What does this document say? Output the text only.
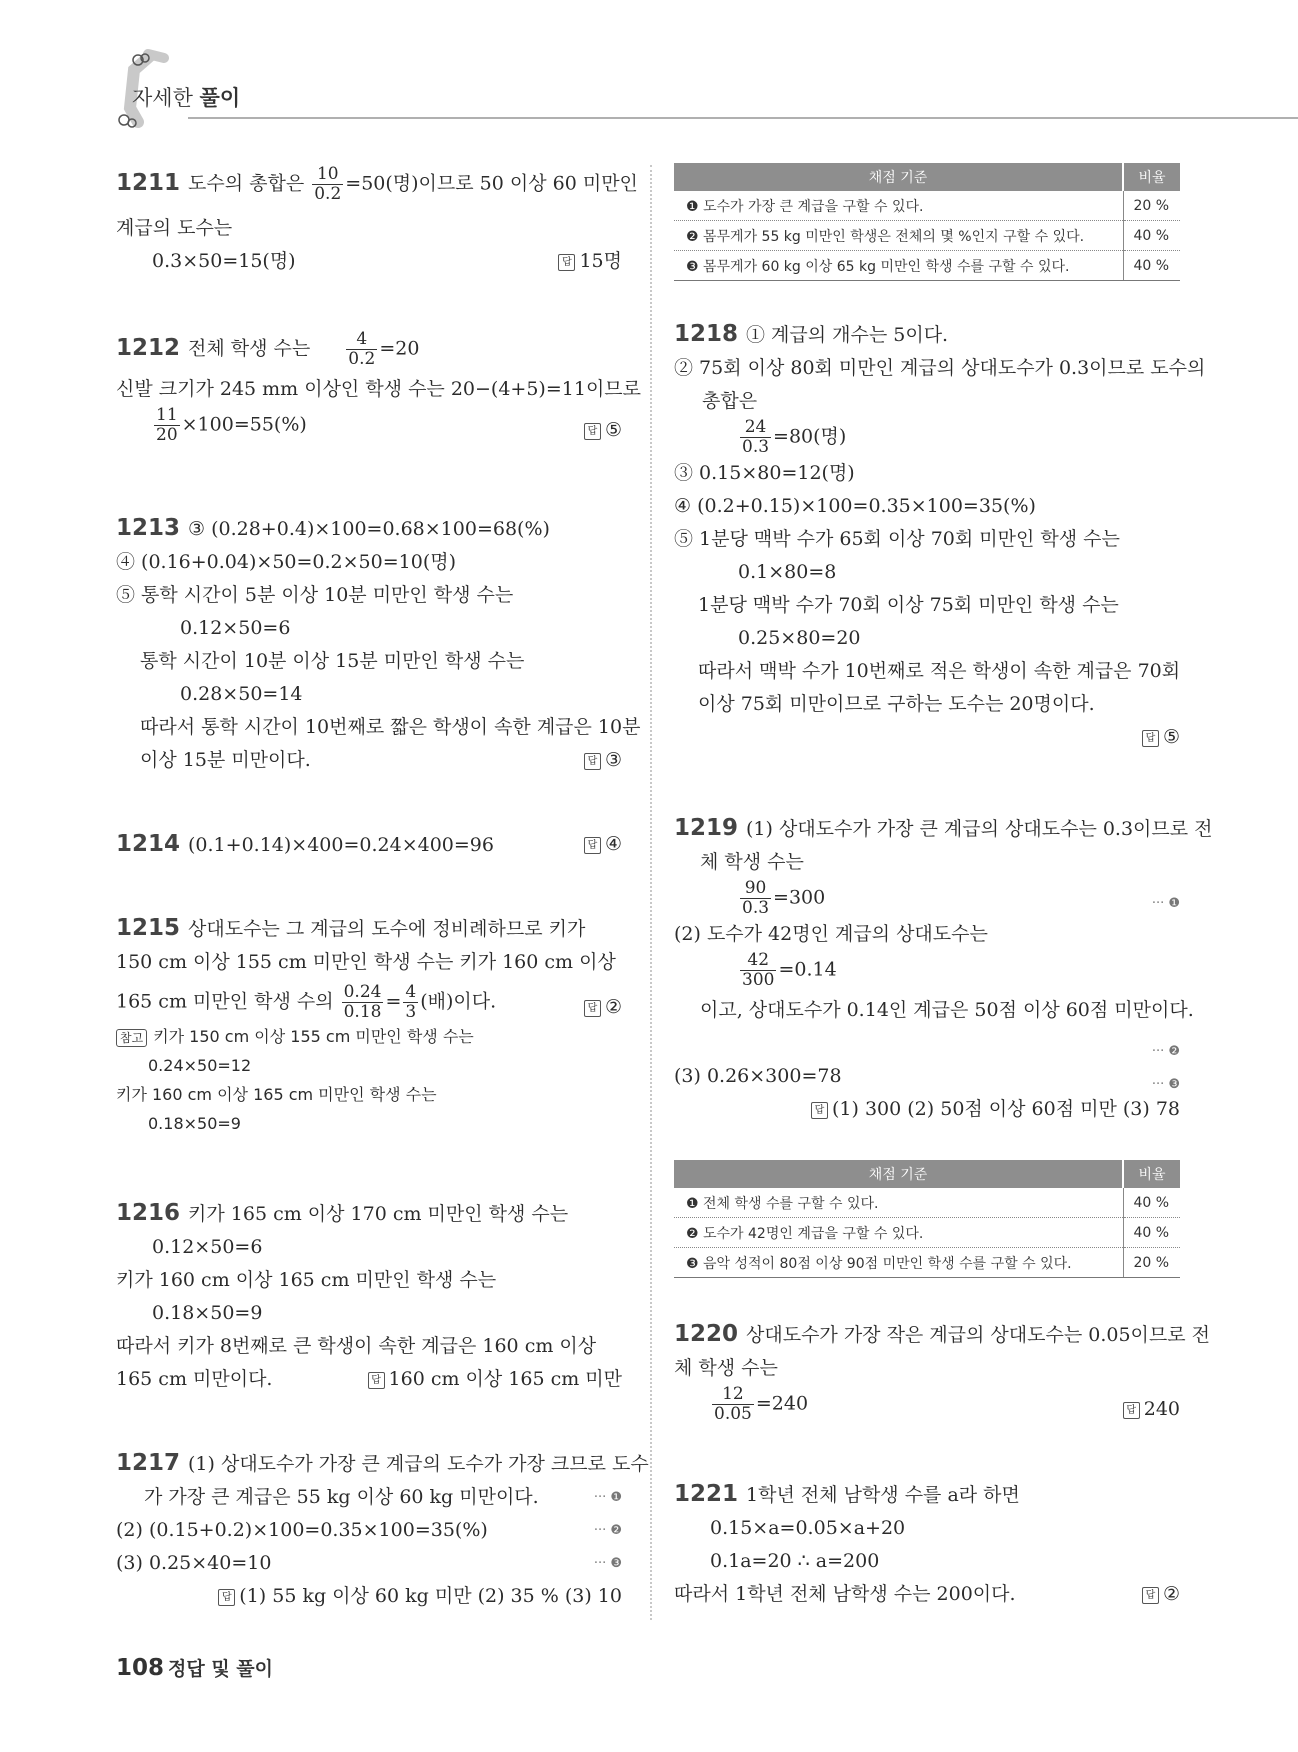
자세한 풀이
1211 도수의 총합은 $\frac{10}{0.2} =50$(명)이므로 50 이상 60 미만인
계급의 도수는
0.3×50=15(명)	답 15명
1212 전체 학생 수는 $\frac{4}{0.2} =20$
신발 크기가 245 mm 이상인 학생 수는 20−(4+5)=11이므로
$\frac{11}{20} \times 100=55(\%)$	답 ⑤
1213 ③ (0.28+0.4)×100=0.68×100=68(%)
④ (0.16+0.04)×50=0.2×50=10(명)
⑤ 통학 시간이 5분 이상 10분 미만인 학생 수는
0.12×50=6
통학 시간이 10분 이상 15분 미만인 학생 수는
0.28×50=14
따라서 통학 시간이 10번째로 짧은 학생이 속한 계급은 10분
이상 15분 미만이다.	답 ③
1214 (0.1+0.14)×400=0.24×400=96	답 ④
1215 상대도수는 그 계급의 도수에 정비례하므로 키가
150 cm 이상 155 cm 미만인 학생 수는 키가 160 cm 이상
165 cm 미만인 학생 수의 $\frac{0.24}{0.18} = \frac{4}{3}$ (배)이다.	답 ②
참고 키가 150 cm 이상 155 cm 미만인 학생 수는
0.24×50=12
키가 160 cm 이상 165 cm 미만인 학생 수는
0.18×50=9
1216 키가 165 cm 이상 170 cm 미만인 학생 수는
0.12×50=6
키가 160 cm 이상 165 cm 미만인 학생 수는
0.18×50=9
따라서 키가 8번째로 큰 학생이 속한 계급은 160 cm 이상
165 cm 미만이다.	답 160 cm 이상 165 cm 미만
1217 (1) 상대도수가 가장 큰 계급의 도수가 가장 크므로 도수
가 가장 큰 계급은 55 kg 이상 60 kg 미만이다.	··· ❶
(2) (0.15+0.2)×100=0.35×100=35(%)	··· ❷
(3) 0.25×40=10	··· ❸
답 (1) 55 kg 이상 60 kg 미만 (2) 35 % (3) 10
채점 기준	비율
❶ 도수가 가장 큰 계급을 구할 수 있다.	20 %
❷ 몸무게가 55 kg 미만인 학생은 전체의 몇 %인지 구할 수 있다.	40 %
❸ 몸무게가 60 kg 이상 65 kg 미만인 학생 수를 구할 수 있다.	40 %
1218 ① 계급의 개수는 5이다.
② 75회 이상 80회 미만인 계급의 상대도수가 0.3이므로 도수의
총합은
$\frac{24}{0.3} =80$(명)
③ 0.15×80=12(명)
④ (0.2+0.15)×100=0.35×100=35(%)
⑤ 1분당 맥박 수가 65회 이상 70회 미만인 학생 수는
0.1×80=8
1분당 맥박 수가 70회 이상 75회 미만인 학생 수는
0.25×80=20
따라서 맥박 수가 10번째로 적은 학생이 속한 계급은 70회
이상 75회 미만이므로 구하는 도수는 20명이다.
답 ⑤
1219 (1) 상대도수가 가장 큰 계급의 상대도수는 0.3이므로 전
체 학생 수는
$\frac{90}{0.3} =300$	··· ❶
(2) 도수가 42명인 계급의 상대도수는
$\frac{42}{300} =0.14$
이고, 상대도수가 0.14인 계급은 50점 이상 60점 미만이다.
··· ❷
(3) 0.26×300=78	··· ❸
답 (1) 300 (2) 50점 이상 60점 미만 (3) 78
채점 기준	비율
❶ 전체 학생 수를 구할 수 있다.	40 %
❷ 도수가 42명인 계급을 구할 수 있다.	40 %
❸ 음악 성적이 80점 이상 90점 미만인 학생 수를 구할 수 있다.	20 %
1220 상대도수가 가장 작은 계급의 상대도수는 0.05이므로 전
체 학생 수는
$\frac{12}{0.05} =240$	답 240
1221 1학년 전체 남학생 수를 a라 하면
0.15×a=0.05×a+20
0.1a=20 ∴ a=200
따라서 1학년 전체 남학생 수는 200이다.	답 ②
108 정답 및 풀이
